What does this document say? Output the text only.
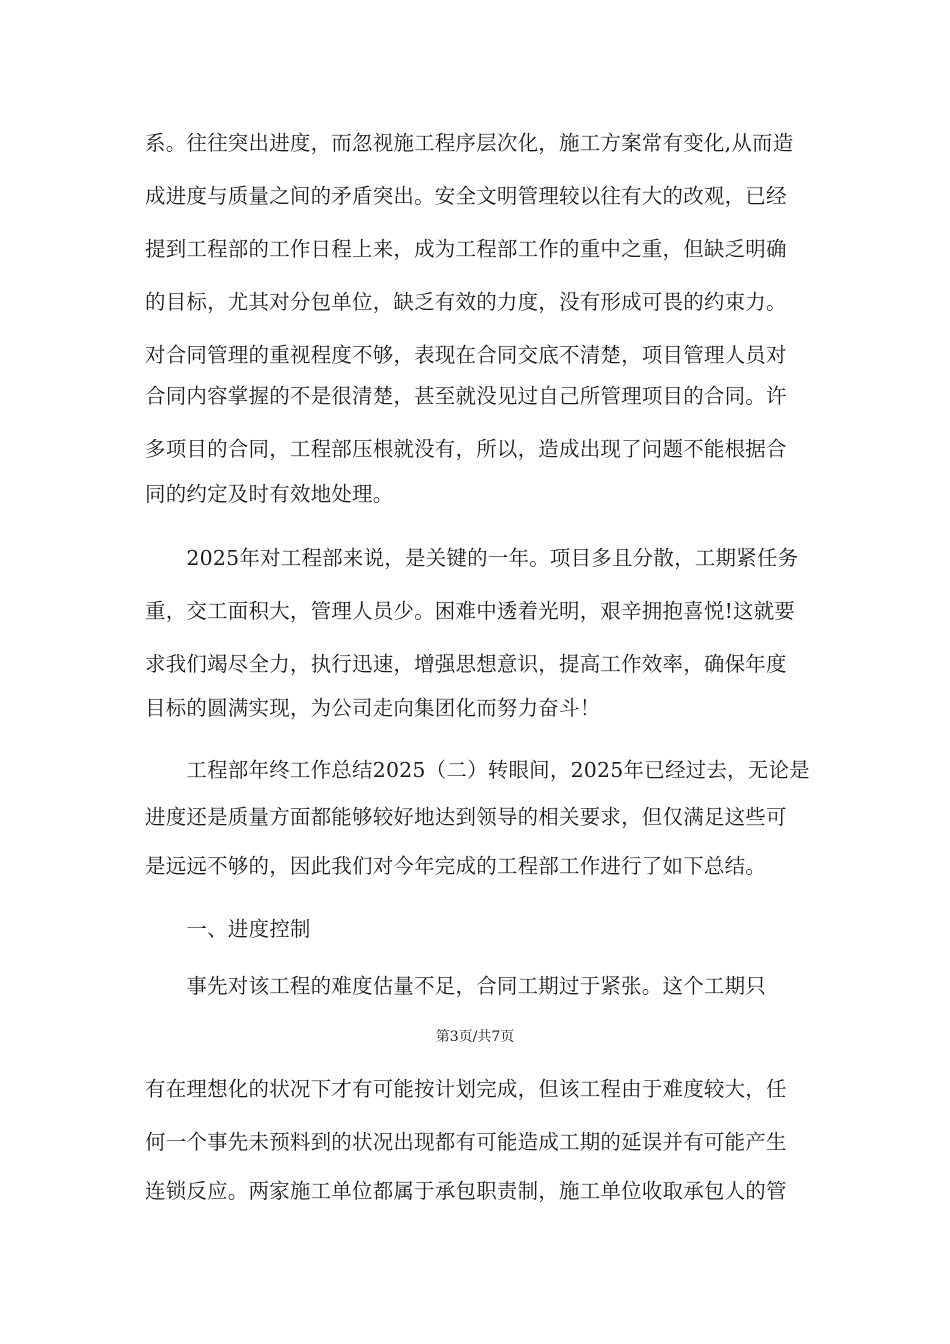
系。往往突出进度，而忽视施工程序层次化，施工方案常有变化,从而造
成进度与质量之间的矛盾突出。安全文明管理较以往有大的改观，已经
提到工程部的工作日程上来，成为工程部工作的重中之重，但缺乏明确
的目标，尤其对分包单位，缺乏有效的力度，没有形成可畏的约束力。
对合同管理的重视程度不够，表现在合同交底不清楚，项目管理人员对
合同内容掌握的不是很清楚，甚至就没见过自己所管理项目的合同。许
多项目的合同，工程部压根就没有，所以，造成出现了问题不能根据合
同的约定及时有效地处理。
　　2025年对工程部来说，是关键的一年。项目多且分散，工期紧任务
重，交工面积大，管理人员少。困难中透着光明，艰辛拥抱喜悦!这就要
求我们竭尽全力，执行迅速，增强思想意识，提高工作效率，确保年度
目标的圆满实现，为公司走向集团化而努力奋斗！
　　工程部年终工作总结2025（二）转眼间，2025年已经过去，无论是
进度还是质量方面都能够较好地达到领导的相关要求，但仅满足这些可
是远远不够的，因此我们对今年完成的工程部工作进行了如下总结。
　　一、进度控制
　　事先对该工程的难度估量不足，合同工期过于紧张。这个工期只
第3页/共7页
有在理想化的状况下才有可能按计划完成，但该工程由于难度较大，任
何一个事先未预料到的状况出现都有可能造成工期的延误并有可能产生
连锁反应。两家施工单位都属于承包职责制，施工单位收取承包人的管
